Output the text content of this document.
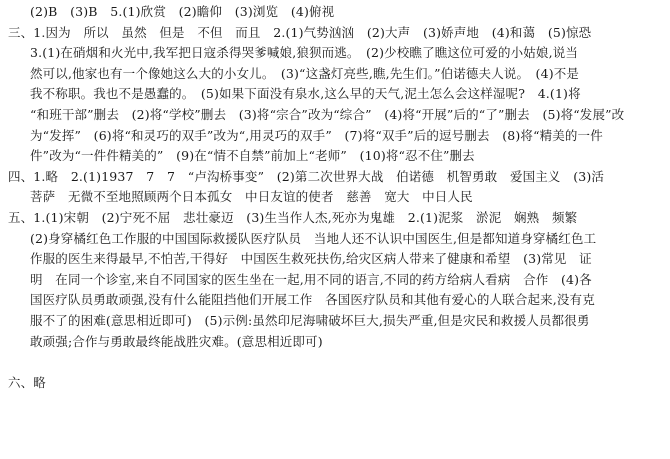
(2)B　(3)B　5.(1)欣赏　(2)瞻仰　(3)浏览　(4)俯视
三、1.因为　所以　虽然　但是　不但　而且　2.(1)气势汹汹　(2)大声　(3)娇声地　(4)和蔼　(5)惊恐
3.(1)在硝烟和火光中,我军把日寇杀得哭爹喊娘,狼狈而逃。　(2)少校瞧了瞧这位可爱的小姑娘,说当
然可以,他家也有一个像她这么大的小女儿。　(3)“这盏灯亮些,瞧,先生们。”伯诺德夫人说。　(4)不是
我不称职。我也不是愚蠢的。　(5)如果下面没有泉水,这么早的天气,泥土怎么会这样湿呢?　4.(1)将
“和班干部”删去　(2)将“学校”删去　(3)将“宗合”改为“综合”　(4)将“开展”后的“了”删去　(5)将“发展”改
为“发挥”　(6)将“和灵巧的双手”改为“,用灵巧的双手”　(7)将“双手”后的逗号删去　(8)将“精美的一件
件”改为“一件件精美的”　(9)在“情不自禁”前加上“老师”　(10)将“忍不住”删去
四、1.略　2.(1)1937　7　7　“卢沟桥事变”　(2)第二次世界大战　伯诺德　机智勇敢　爱国主义　(3)活
菩萨　无微不至地照顾两个日本孤女　中日友谊的使者　慈善　宽大　中日人民
五、1.(1)宋朝　(2)宁死不屈　悲壮豪迈　(3)生当作人杰,死亦为鬼雄　2.(1)泥浆　淤泥　娴熟　频繁
(2)身穿橘红色工作服的中国国际救援队医疗队员　当地人还不认识中国医生,但是都知道身穿橘红色工
作服的医生来得最早,不怕苦,干得好　中国医生救死扶伤,给灾区病人带来了健康和希望　(3)常见　证
明　在同一个诊室,来自不同国家的医生坐在一起,用不同的语言,不同的药方给病人看病　合作　(4)各
国医疗队员勇敢顽强,没有什么能阻挡他们开展工作　各国医疗队员和其他有爱心的人联合起来,没有克
服不了的困难(意思相近即可)　(5)示例:虽然印尼海啸破坏巨大,损失严重,但是灾民和救援人员都很勇
敢顽强;合作与勇敢最终能战胜灾难。(意思相近即可)
六、略
